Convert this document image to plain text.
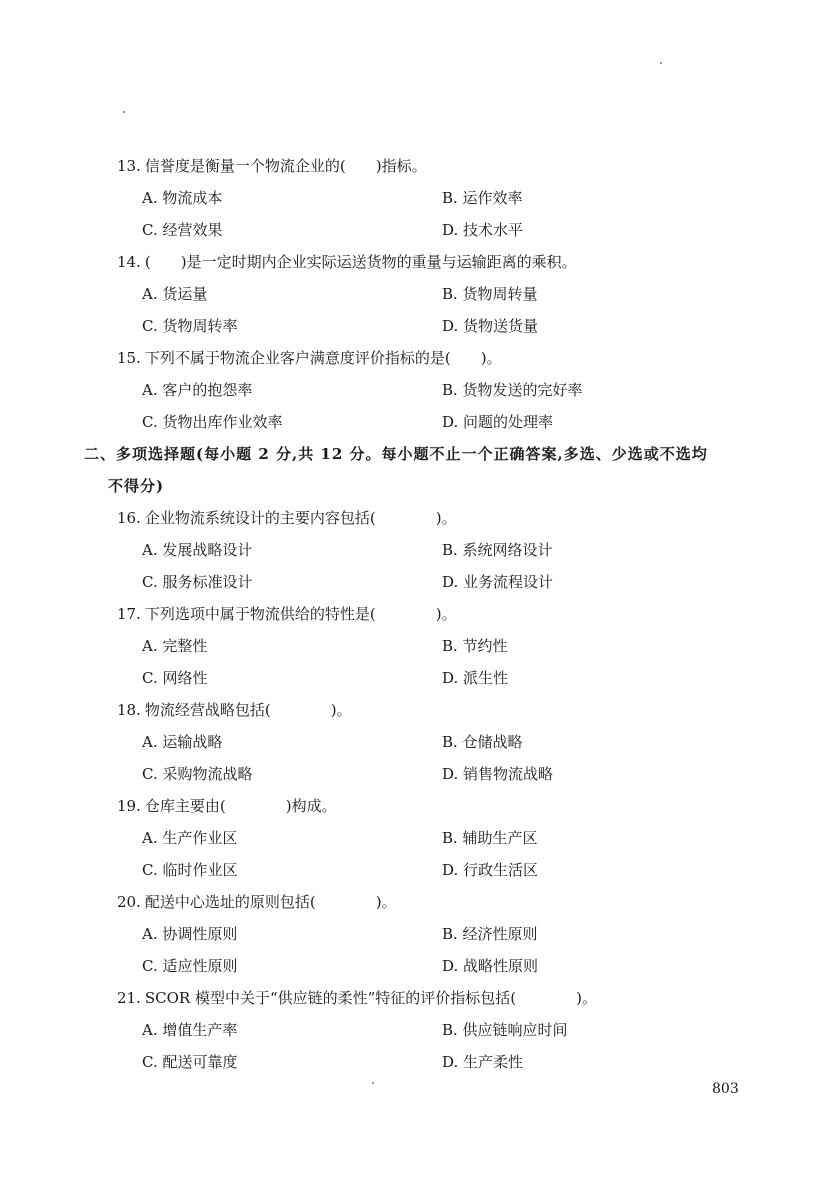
13. 信誉度是衡量一个物流企业的(　　)指标。
A. 物流成本	B. 运作效率
C. 经营效果	D. 技术水平
14. (　　)是一定时期内企业实际运送货物的重量与运输距离的乘积。
A. 货运量	B. 货物周转量
C. 货物周转率	D. 货物送货量
15. 下列不属于物流企业客户满意度评价指标的是(　　)。
A. 客户的抱怨率	B. 货物发送的完好率
C. 货物出库作业效率	D. 问题的处理率
二、多项选择题(每小题 2 分,共 12 分。每小题不止一个正确答案,多选、少选或不选均
不得分)
16. 企业物流系统设计的主要内容包括(　　　　)。
A. 发展战略设计	B. 系统网络设计
C. 服务标准设计	D. 业务流程设计
17. 下列选项中属于物流供给的特性是(　　　　)。
A. 完整性	B. 节约性
C. 网络性	D. 派生性
18. 物流经营战略包括(　　　　)。
A. 运输战略	B. 仓储战略
C. 采购物流战略	D. 销售物流战略
19. 仓库主要由(　　　　)构成。
A. 生产作业区	B. 辅助生产区
C. 临时作业区	D. 行政生活区
20. 配送中心选址的原则包括(　　　　)。
A. 协调性原则	B. 经济性原则
C. 适应性原则	D. 战略性原则
21. SCOR 模型中关于“供应链的柔性”特征的评价指标包括(　　　　)。
A. 增值生产率	B. 供应链响应时间
C. 配送可靠度	D. 生产柔性
803
